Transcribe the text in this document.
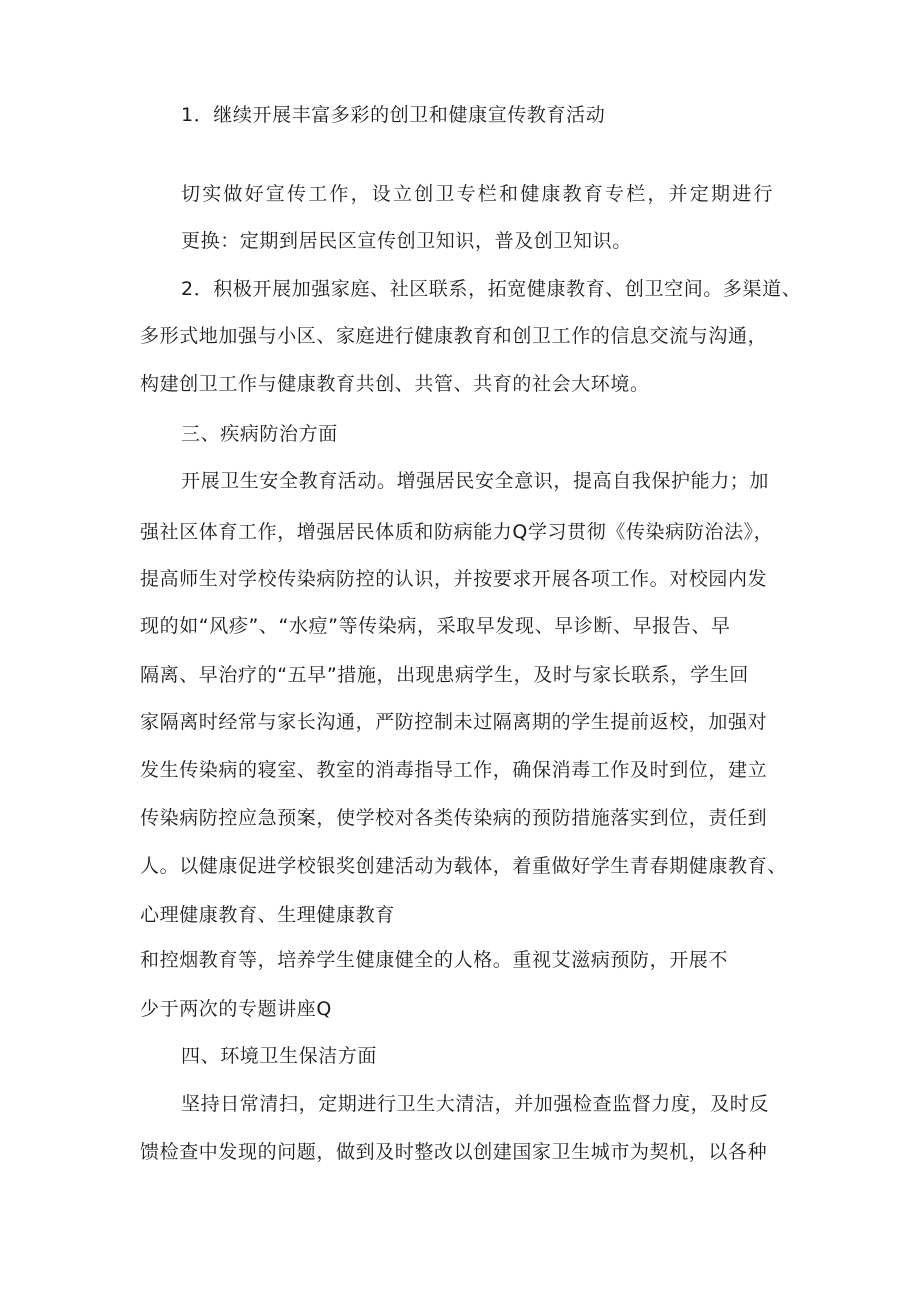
1．继续开展丰富多彩的创卫和健康宣传教育活动
切实做好宣传工作，设立创卫专栏和健康教育专栏，并定期进行
更换：定期到居民区宣传创卫知识，普及创卫知识。
2．积极开展加强家庭、社区联系，拓宽健康教育、创卫空间。多渠道、
多形式地加强与小区、家庭进行健康教育和创卫工作的信息交流与沟通，
构建创卫工作与健康教育共创、共管、共育的社会大环境。
三、疾病防治方面
开展卫生安全教育活动。增强居民安全意识，提高自我保护能力；加
强社区体育工作，增强居民体质和防病能力Q学习贯彻《传染病防治法》，
提高师生对学校传染病防控的认识，并按要求开展各项工作。对校园内发
现的如“风疹”、“水痘”等传染病，采取早发现、早诊断、早报告、早
隔离、早治疗的“五早”措施，出现患病学生，及时与家长联系，学生回
家隔离时经常与家长沟通，严防控制未过隔离期的学生提前返校，加强对
发生传染病的寝室、教室的消毒指导工作，确保消毒工作及时到位，建立
传染病防控应急预案，使学校对各类传染病的预防措施落实到位，责任到
人。以健康促进学校银奖创建活动为载体，着重做好学生青春期健康教育、
心理健康教育、生理健康教育
和控烟教育等，培养学生健康健全的人格。重视艾滋病预防，开展不
少于两次的专题讲座Q
四、环境卫生保洁方面
坚持日常清扫，定期进行卫生大清洁，并加强检查监督力度，及时反
馈检查中发现的问题，做到及时整改以创建国家卫生城市为契机，以各种
